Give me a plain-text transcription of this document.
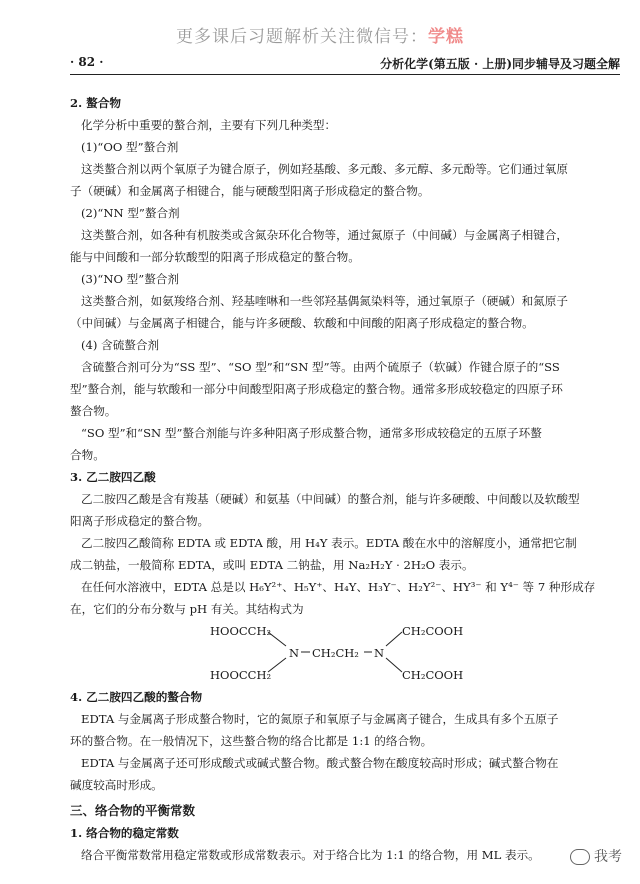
更多课后习题解析关注微信号：学糕
· 82 ·	分析化学(第五版 · 上册)同步辅导及习题全解

2. 螯合物

化学分析中重要的螯合剂，主要有下列几种类型：

(1)“OO 型”螯合剂

这类螯合剂以两个氧原子为键合原子，例如羟基酸、多元酸、多元醇、多元酚等。它们通过氧原

子（硬碱）和金属离子相键合，能与硬酸型阳离子形成稳定的螯合物。

(2)“NN 型”螯合剂

这类螯合剂，如各种有机胺类或含氮杂环化合物等，通过氮原子（中间碱）与金属离子相键合，

能与中间酸和一部分软酸型的阳离子形成稳定的螯合物。

(3)“NO 型”螯合剂

这类螯合剂，如氨羧络合剂、羟基喹啉和一些邻羟基偶氮染料等，通过氧原子（硬碱）和氮原子

（中间碱）与金属离子相键合，能与许多硬酸、软酸和中间酸的阳离子形成稳定的螯合物。

(4) 含硫螯合剂

含硫螯合剂可分为“SS 型”、“SO 型”和“SN 型”等。由两个硫原子（软碱）作键合原子的“SS

型”螯合剂，能与软酸和一部分中间酸型阳离子形成稳定的螯合物。通常多形成较稳定的四原子环

螯合物。

“SO 型”和“SN 型”螯合剂能与许多种阳离子形成螯合物，通常多形成较稳定的五原子环螯

合物。

3. 乙二胺四乙酸

乙二胺四乙酸是含有羧基（硬碱）和氨基（中间碱）的螯合剂，能与许多硬酸、中间酸以及软酸型

阳离子形成稳定的螯合物。

乙二胺四乙酸简称 EDTA 或 EDTA 酸，用 H₄Y 表示。EDTA 酸在水中的溶解度小，通常把它制

成二钠盐，一般简称 EDTA，或叫 EDTA 二钠盐，用 Na₂H₂Y · 2H₂O 表示。

在任何水溶液中，EDTA 总是以 H₆Y²⁺、H₅Y⁺、H₄Y、H₃Y⁻、H₂Y²⁻、HY³⁻ 和 Y⁴⁻ 等 7 种形成存

在，它们的分布分数与 pH 有关。其结构式为

HOOCCH₂
HOOCCH₂
N CH₂CH₂ N
CH₂COOH
CH₂COOH

4. 乙二胺四乙酸的螯合物

EDTA 与金属离子形成螯合物时，它的氮原子和氧原子与金属离子键合，生成具有多个五原子

环的螯合物。在一般情况下，这些螯合物的络合比都是 1:1 的络合物。

EDTA 与金属离子还可形成酸式或碱式螯合物。酸式螯合物在酸度较高时形成；碱式螯合物在

碱度较高时形成。

三、络合物的平衡常数

1. 络合物的稳定常数

络合平衡常数常用稳定常数或形成常数表示。对于络合比为 1:1 的络合物，用 ML 表示。	我考
